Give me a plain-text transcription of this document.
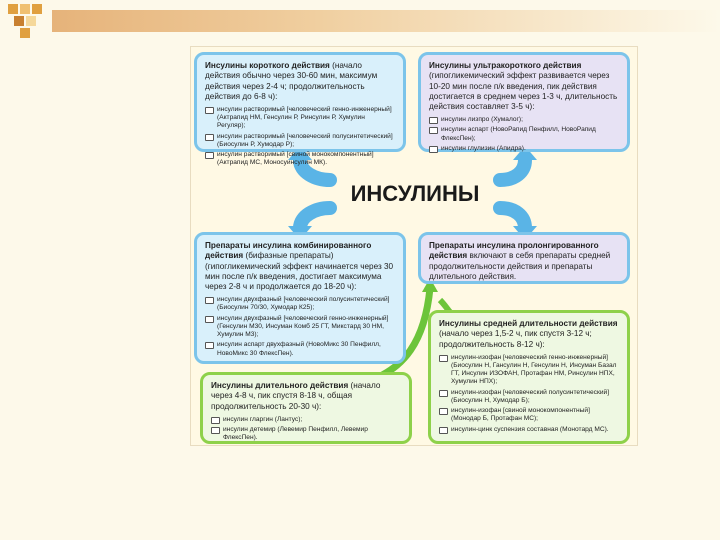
ИНСУЛИНЫ

Инсулины короткого действия (начало действия обычно через 30-60 мин, максимум действия через 2-4 ч; продолжительность действия до 6-8 ч):

инсулин растворимый [человеческий генно-инженерный] (Актрапид НМ, Генсулин Р, Ринсулин Р, Хумулин Регуляр);
инсулин растворимый [человеческий полусинтетический] (Биосулин Р, Хумодар Р);
инсулин растворимый [свиной монокомпонентный] (Актрапид МС, Моносуинсулин МК).

Инсулины ультракороткого действия (гипогликемический эффект развивается через 10-20 мин после п/к введения, пик действия достигается в среднем через 1-3 ч, длительность действия составляет 3-5 ч):

инсулин лизпро (Хумалог);
инсулин аспарт (НовоРапид Пенфилл, НовоРапид ФлексПен);
инсулин глулизин (Апидра).

Препараты инсулина комбинированного действия (бифазные препараты) (гипогликемический эффект начинается через 30 мин после п/к введения, достигает максимума через 2-8 ч и продолжается до 18-20 ч):

инсулин двухфазный [человеческий полусинтетический] (Биосулин 70/30, Хумодар К25);
инсулин двухфазный [человеческий генно-инженерный] (Генсулин М30, Инсуман Комб 25 ГТ, Микстард 30 НМ, Хумулин М3);
инсулин аспарт двухфазный (НовоМикс 30 Пенфилл, НовоМикс 30 ФлексПен).

Препараты инсулина пролонгированного действия включают в себя препараты средней продолжительности действия и препараты длительного действия.

Инсулины средней длительности действия (начало через 1,5-2 ч, пик спустя 3-12 ч; продолжительность 8-12 ч):

инсулин-изофан [человеческий генно-инженерный] (Биосулин Н, Гансулин Н, Генсулин Н, Инсуман Базал ГТ, Инсулин ИЗОФАН, Протафан НМ, Ринсулин НПХ, Хумулин НПХ);
инсулин-изофан [человеческий полусинтетический] (Биосулин Н, Хумодар Б);
инсулин-изофан [свиной монокомпонентный] (Монодар Б, Протафан МС);
инсулин-цинк суспензия составная (Монотард МС).

Инсулины длительного действия (начало через 4-8 ч, пик спустя 8-18 ч, общая продолжительность 20-30 ч):

инсулин гларгин (Лантус);
инсулин детемир (Левемир Пенфилл, Левемир ФлексПен).
